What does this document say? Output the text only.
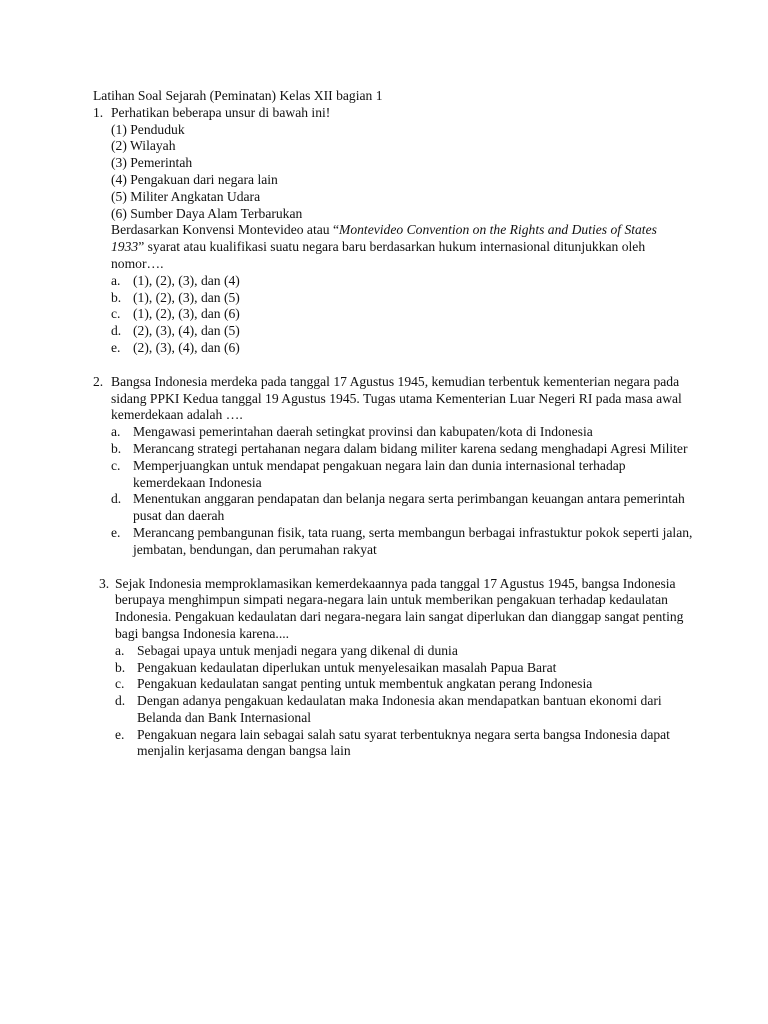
Latihan Soal Sejarah (Peminatan) Kelas XII bagian 1
1. Perhatikan beberapa unsur di bawah ini!
(1) Penduduk
(2) Wilayah
(3) Pemerintah
(4) Pengakuan dari negara lain
(5) Militer Angkatan Udara
(6) Sumber Daya Alam Terbarukan
Berdasarkan Konvensi Montevideo atau “Montevideo Convention on the Rights and Duties of States 1933” syarat atau kualifikasi suatu negara baru berdasarkan hukum internasional ditunjukkan oleh nomor….
a. (1), (2), (3), dan (4)
b. (1), (2), (3), dan (5)
c. (1), (2), (3), dan (6)
d. (2), (3), (4), dan (5)
e. (2), (3), (4), dan (6)
2. Bangsa Indonesia merdeka pada tanggal 17 Agustus 1945, kemudian terbentuk kementerian negara pada sidang PPKI Kedua tanggal 19 Agustus 1945. Tugas utama Kementerian Luar Negeri RI pada masa awal kemerdekaan adalah ….
a. Mengawasi pemerintahan daerah setingkat provinsi dan kabupaten/kota di Indonesia
b. Merancang strategi pertahanan negara dalam bidang militer karena sedang menghadapi Agresi Militer
c. Memperjuangkan untuk mendapat pengakuan negara lain dan dunia internasional terhadap kemerdekaan Indonesia
d. Menentukan anggaran pendapatan dan belanja negara serta perimbangan keuangan antara pemerintah pusat dan daerah
e. Merancang pembangunan fisik, tata ruang, serta membangun berbagai infrastuktur pokok seperti jalan, jembatan, bendungan, dan perumahan rakyat
3. Sejak Indonesia memproklamasikan kemerdekaannya pada tanggal 17 Agustus 1945, bangsa Indonesia berupaya menghimpun simpati negara-negara lain untuk memberikan pengakuan terhadap kedaulatan Indonesia. Pengakuan kedaulatan dari negara-negara lain sangat diperlukan dan dianggap sangat penting bagi bangsa Indonesia karena....
a. Sebagai upaya untuk menjadi negara yang dikenal di dunia
b. Pengakuan kedaulatan diperlukan untuk menyelesaikan masalah Papua Barat
c. Pengakuan kedaulatan sangat penting untuk membentuk angkatan perang Indonesia
d. Dengan adanya pengakuan kedaulatan maka Indonesia akan mendapatkan bantuan ekonomi dari Belanda dan Bank Internasional
e. Pengakuan negara lain sebagai salah satu syarat terbentuknya negara serta bangsa Indonesia dapat menjalin kerjasama dengan bangsa lain
